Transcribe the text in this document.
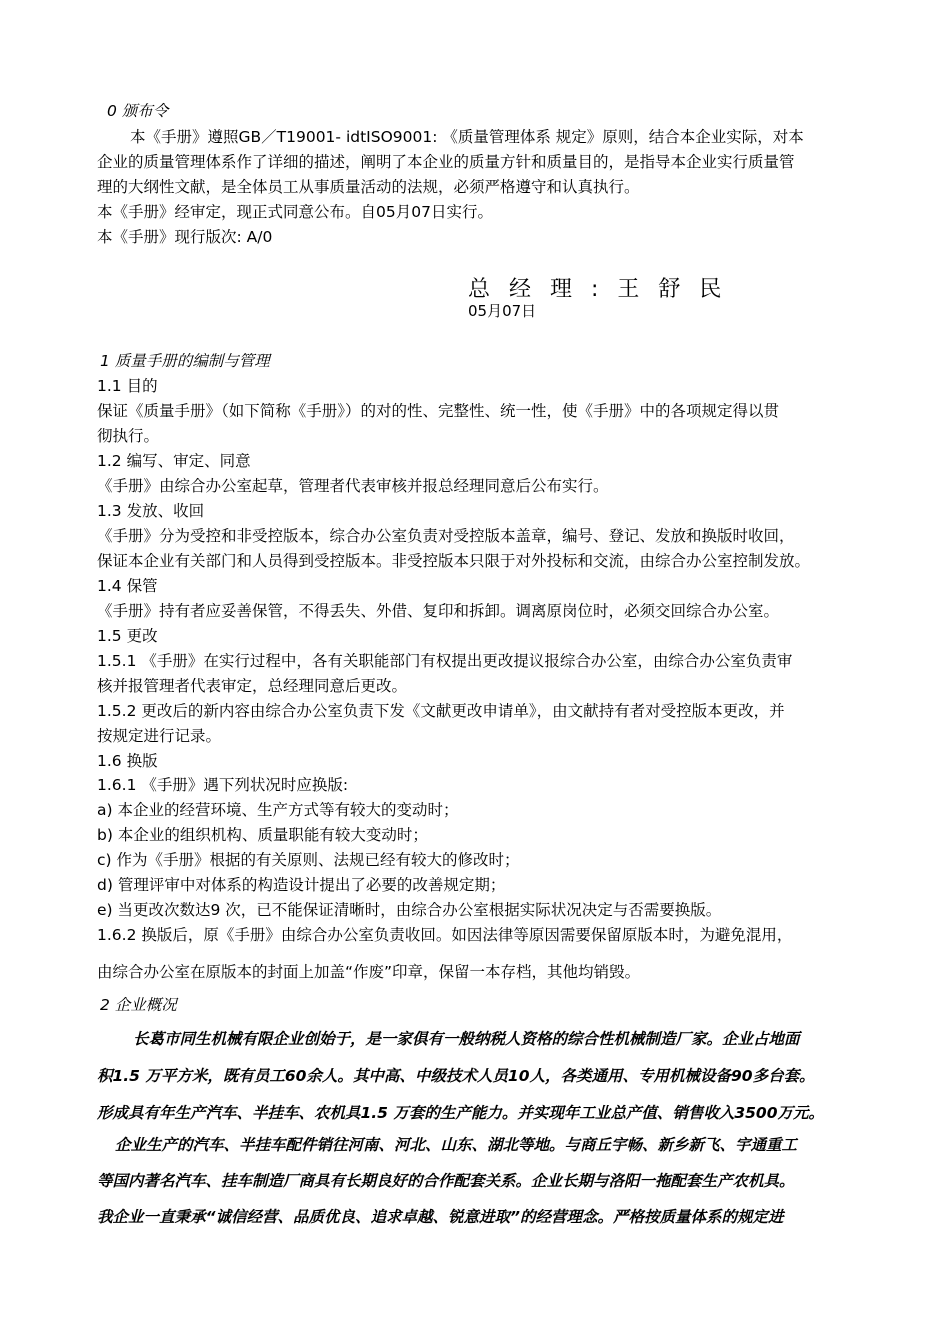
0 颁布令
本《手册》遵照GB／T19001- idtISO9001: 《质量管理体系 规定》原则，结合本企业实际，对本
企业的质量管理体系作了详细的描述，阐明了本企业的质量方针和质量目的，是指导本企业实行质量管
理的大纲性文献，是全体员工从事质量活动的法规，必须严格遵守和认真执行。
本《手册》经审定，现正式同意公布。自05月07日实行。
本《手册》现行版次: A/0
总 经 理 : 王 舒 民
05月07日
1 质量手册的编制与管理
1.1 目的
保证《质量手册》（如下简称《手册》）的对的性、完整性、统一性，使《手册》中的各项规定得以贯
彻执行。
1.2 编写、审定、同意
《手册》由综合办公室起草，管理者代表审核并报总经理同意后公布实行。
1.3 发放、收回
《手册》分为受控和非受控版本，综合办公室负责对受控版本盖章，编号、登记、发放和换版时收回，
保证本企业有关部门和人员得到受控版本。非受控版本只限于对外投标和交流，由综合办公室控制发放。
1.4 保管
《手册》持有者应妥善保管，不得丢失、外借、复印和拆卸。调离原岗位时，必须交回综合办公室。
1.5 更改
1.5.1 《手册》在实行过程中，各有关职能部门有权提出更改提议报综合办公室，由综合办公室负责审
核并报管理者代表审定，总经理同意后更改。
1.5.2 更改后的新内容由综合办公室负责下发《文献更改申请单》，由文献持有者对受控版本更改，并
按规定进行记录。
1.6 换版
1.6.1 《手册》遇下列状况时应换版:
a) 本企业的经营环境、生产方式等有较大的变动时；
b) 本企业的组织机构、质量职能有较大变动时；
c) 作为《手册》根据的有关原则、法规已经有较大的修改时；
d) 管理评审中对体系的构造设计提出了必要的改善规定期；
e) 当更改次数达9 次，已不能保证清晰时，由综合办公室根据实际状况决定与否需要换版。
1.6.2 换版后，原《手册》由综合办公室负责收回。如因法律等原因需要保留原版本时，为避免混用，
由综合办公室在原版本的封面上加盖“作废”印章，保留一本存档，其他均销毁。
2 企业概况
长葛市同生机械有限企业创始于，是一家俱有一般纳税人资格的综合性机械制造厂家。企业占地面
积1.5 万平方米，既有员工60余人。其中高、中级技术人员10人，各类通用、专用机械设备90多台套。
形成具有年生产汽车、半挂车、农机具1.5 万套的生产能力。并实现年工业总产值、销售收入3500万元。
企业生产的汽车、半挂车配件销往河南、河北、山东、湖北等地。与商丘宇畅、新乡新飞、宇通重工
等国内著名汽车、挂车制造厂商具有长期良好的合作配套关系。企业长期与洛阳一拖配套生产农机具。
我企业一直秉承“诚信经营、品质优良、追求卓越、锐意进取”的经营理念。严格按质量体系的规定进
